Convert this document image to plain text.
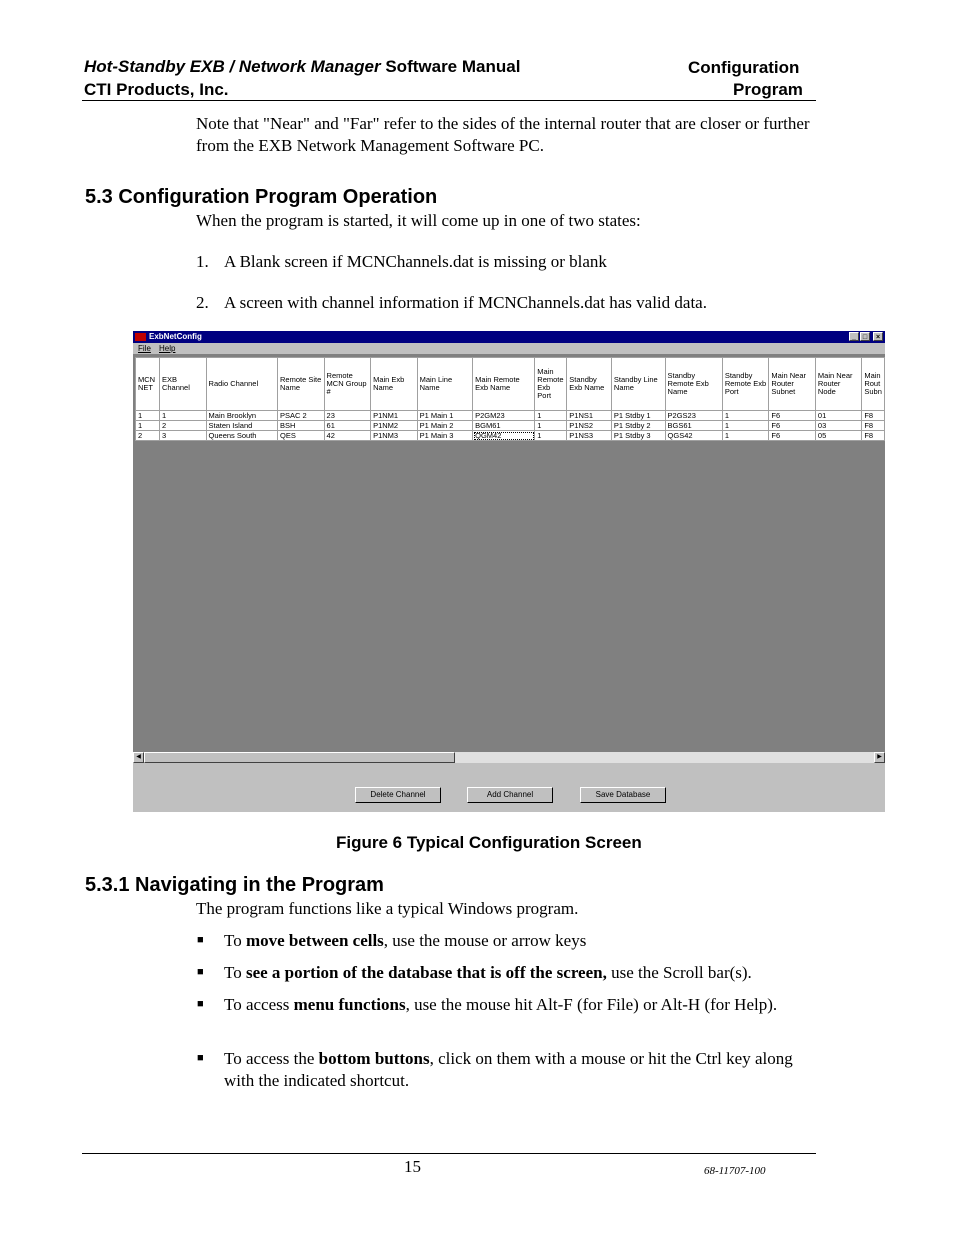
Hot-Standby EXB / Network Manager Software Manual
CTI Products, Inc.
Configuration
Program
Note that "Near" and "Far" refer to the sides of the internal router that are closer or further from the EXB Network Management Software PC.
5.3 Configuration Program Operation
When the program is started, it will come up in one of two states:
1. A Blank screen if MCNChannels.dat is missing or blank
2. A screen with channel information if MCNChannels.dat has valid data.
ExbNetConfig	_ □	×
File Help
MCN NET	EXB Channel	Radio Channel	Remote Site Name	Remote MCN Group #	Main Exb Name	Main Line Name	Main Remote Exb Name	Main Remote Exb Port	Standby Exb Name	Standby Line Name	Standby Remote Exb Name	Standby Remote Exb Port	Main Near Router Subnet	Main Near Router Node	Main Rout Subn
1	1	Main Brooklyn	PSAC 2	23	P1NM1	P1 Main 1	P2GM23	1	P1NS1	P1 Stdby 1	P2GS23	1	F6	01	F8
1	2	Staten Island	BSH	61	P1NM2	P1 Main 2	BGM61	1	P1NS2	P1 Stdby 2	BGS61	1	F6	03	F8
2	3	Queens South	QES	42	P1NM3	P1 Main 3	QGM42	1	P1NS3	P1 Stdby 3	QGS42	1	F6	05	F8
◀	▶
Delete Channel	Add Channel	Save Database
Figure 6 Typical Configuration Screen
5.3.1 Navigating in the Program
The program functions like a typical Windows program.
■ To move between cells, use the mouse or arrow keys
■ To see a portion of the database that is off the screen, use the Scroll bar(s).
■ To access menu functions, use the mouse hit Alt-F (for File) or Alt-H (for Help).
■ To access the bottom buttons, click on them with a mouse or hit the Ctrl key along with the indicated shortcut.
15	68-11707-100
